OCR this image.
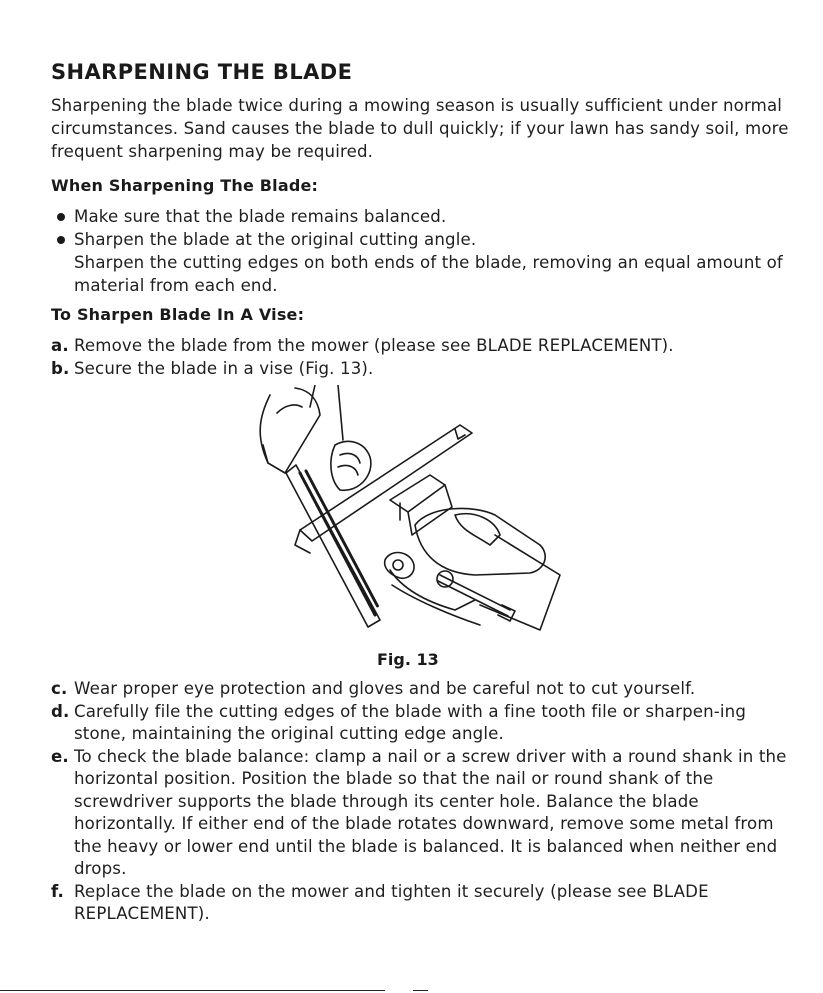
SHARPENING THE BLADE

Sharpening the blade twice during a mowing season is usually sufficient under normal circumstances. Sand causes the blade to dull quickly; if your lawn has sandy soil, more frequent sharpening may be required.

When Sharpening The Blade:
Make sure that the blade remains balanced.
Sharpen the blade at the original cutting angle.
Sharpen the cutting edges on both ends of the blade, removing an equal amount of material from each end.
To Sharpen Blade In A Vise:
a. Remove the blade from the mower (please see BLADE REPLACEMENT).
b. Secure the blade in a vise (Fig. 13).

Fig. 13

c. Wear proper eye protection and gloves and be careful not to cut yourself.
d. Carefully file the cutting edges of the blade with a fine tooth file or sharpen-ing stone, maintaining the original cutting edge angle.
e. To check the blade balance: clamp a nail or a screw driver with a round shank in the horizontal position. Position the blade so that the nail or round shank of the screwdriver supports the blade through its center hole. Balance the blade horizontally. If either end of the blade rotates downward, remove some metal from the heavy or lower end until the blade is balanced. It is balanced when neither end drops.
f. Replace the blade on the mower and tighten it securely (please see BLADE REPLACEMENT).
